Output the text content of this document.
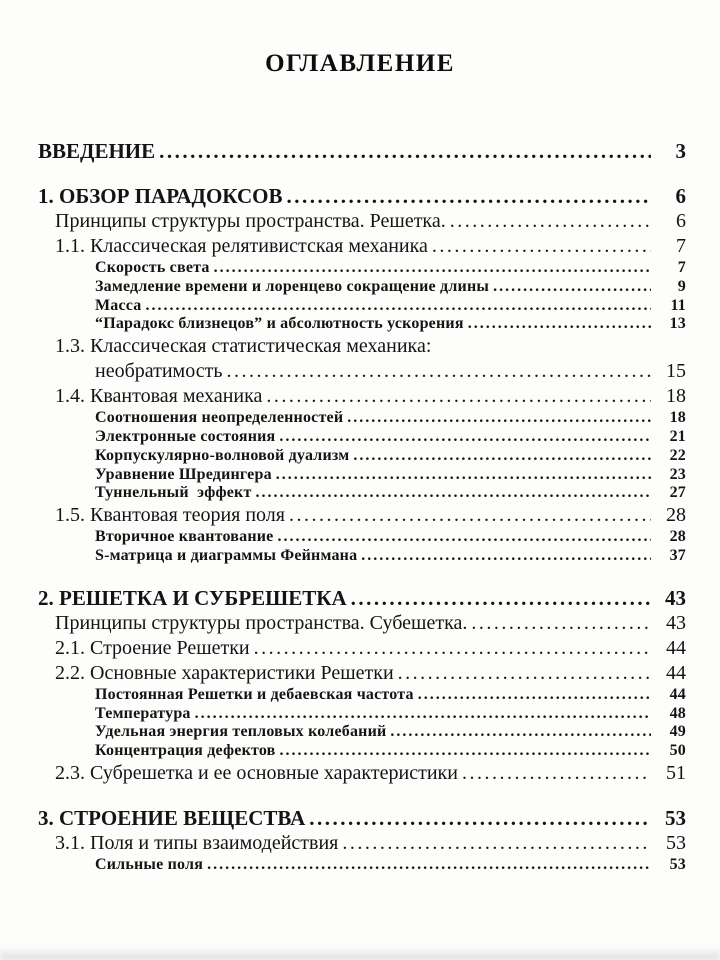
ОГЛАВЛЕНИЕ
ВВЕДЕНИЕ .....	3
1. ОБЗОР ПАРАДОКСОВ .....	6
Принципы структуры пространства. Решетка. .....	6
1.1. Классическая релятивистская механика .....	7
Скорость света .....	7
Замедление времени и лоренцево сокращение длины .....	9
Масса .....	11
“Парадокс близнецов” и абсолютность ускорения .....	13
1.3. Классическая статистическая механика:
необратимость .....	15
1.4. Квантовая механика .....	18
Соотношения неопределенностей .....	18
Электронные состояния .....	21
Корпускулярно-волновой дуализм .....	22
Уравнение Шредингера .....	23
Туннельный  эффект .....	27
1.5. Квантовая теория поля .....	28
Вторичное квантование .....	28
S-матрица и диаграммы Фейнмана .....	37
2. РЕШЕТКА И СУБРЕШЕТКА .....	43
Принципы структуры пространства. Субешетка. .....	43
2.1. Строение Решетки .....	44
2.2. Основные характеристики Решетки .....	44
Постоянная Решетки и дебаевская частота .....	44
Температура .....	48
Удельная энергия тепловых колебаний .....	49
Концентрация дефектов .....	50
2.3. Субрешетка и ее основные характеристики .....	51
3. СТРОЕНИЕ ВЕЩЕСТВА .....	53
3.1. Поля и типы взаимодействия .....	53
Сильные поля .....	53
